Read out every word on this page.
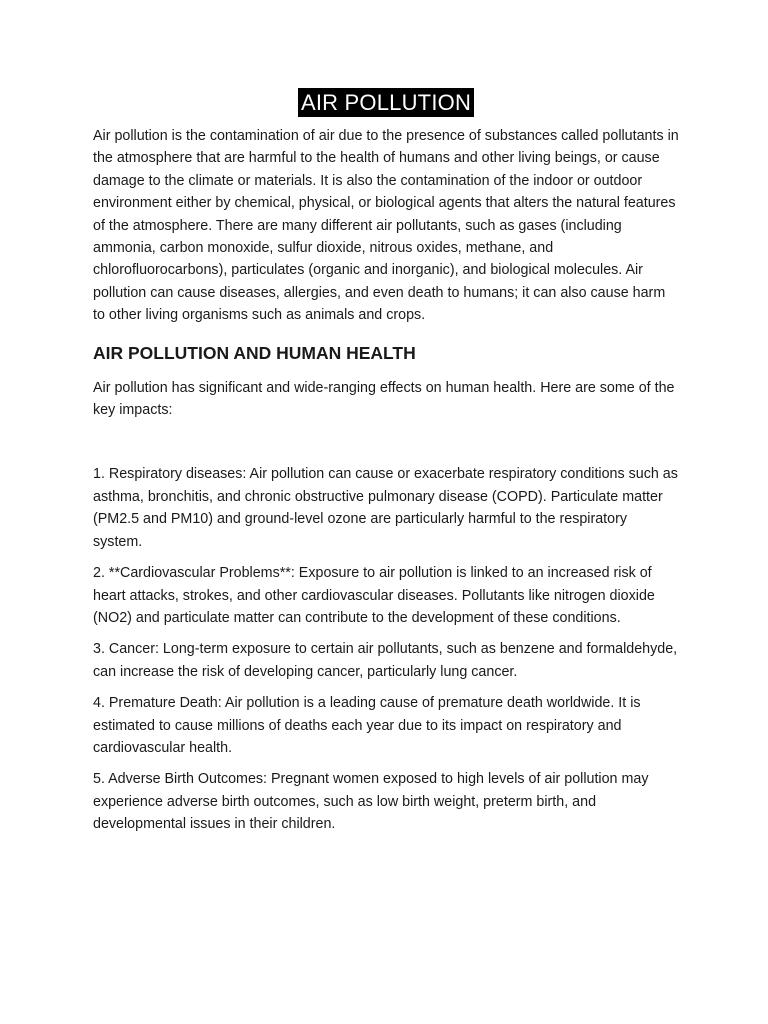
AIR POLLUTION

Air pollution is the contamination of air due to the presence of substances called pollutants in the atmosphere that are harmful to the health of humans and other living beings, or cause damage to the climate or materials. It is also the contamination of the indoor or outdoor environment either by chemical, physical, or biological agents that alters the natural features of the atmosphere. There are many different air pollutants, such as gases (including ammonia, carbon monoxide, sulfur dioxide, nitrous oxides, methane, and chlorofluorocarbons), particulates (organic and inorganic), and biological molecules. Air pollution can cause diseases, allergies, and even death to humans; it can also cause harm to other living organisms such as animals and crops.

AIR POLLUTION AND HUMAN HEALTH

Air pollution has significant and wide-ranging effects on human health. Here are some of the key impacts:

1. Respiratory diseases: Air pollution can cause or exacerbate respiratory conditions such as asthma, bronchitis, and chronic obstructive pulmonary disease (COPD). Particulate matter (PM2.5 and PM10) and ground-level ozone are particularly harmful to the respiratory system.

2. **Cardiovascular Problems**: Exposure to air pollution is linked to an increased risk of heart attacks, strokes, and other cardiovascular diseases. Pollutants like nitrogen dioxide (NO2) and particulate matter can contribute to the development of these conditions.

3. Cancer: Long-term exposure to certain air pollutants, such as benzene and formaldehyde, can increase the risk of developing cancer, particularly lung cancer.

4. Premature Death: Air pollution is a leading cause of premature death worldwide. It is estimated to cause millions of deaths each year due to its impact on respiratory and cardiovascular health.

5. Adverse Birth Outcomes: Pregnant women exposed to high levels of air pollution may experience adverse birth outcomes, such as low birth weight, preterm birth, and developmental issues in their children.
